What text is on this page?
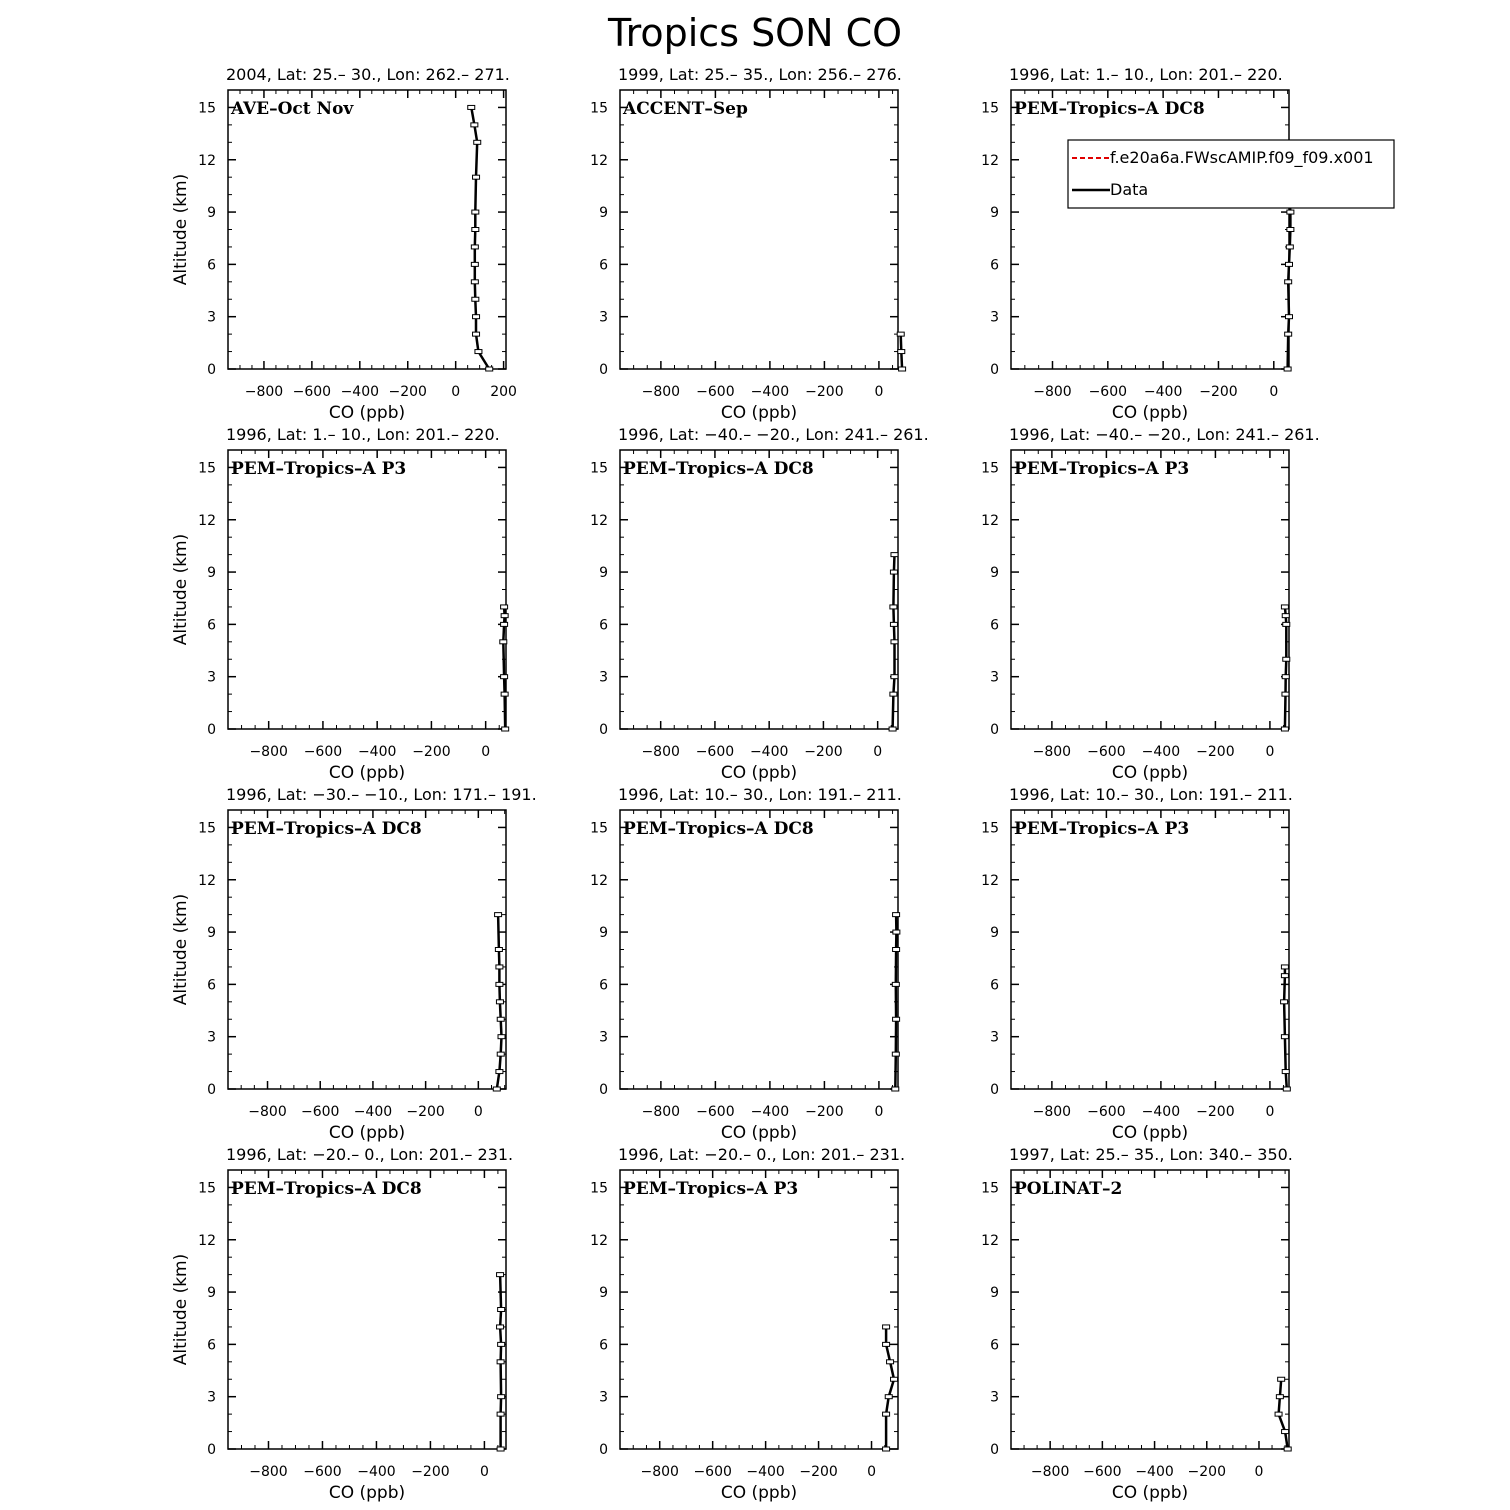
Tropics SON CO
2004, Lat: 25.– 30., Lon: 262.– 271.
−800 −600 −400 −200 0 200
0
3
6
9
12
15
CO (ppb)
Altitude (km)
AVE–Oct Nov
1999, Lat: 25.– 35., Lon: 256.– 276.
−800 −600 −400 −200 0
0
3
6
9
12
15
CO (ppb)
ACCENT–Sep
1996, Lat: 1.– 10., Lon: 201.– 220.
−800 −600 −400 −200 0
0
3
6
9
12
15
CO (ppb)
PEM–Tropics–A DC8
1996, Lat: 1.– 10., Lon: 201.– 220.
−800 −600 −400 −200 0
0
3
6
9
12
15
CO (ppb)
Altitude (km)
PEM–Tropics–A P3
1996, Lat: −40.– −20., Lon: 241.– 261.
−800 −600 −400 −200 0
0
3
6
9
12
15
CO (ppb)
PEM–Tropics–A DC8
1996, Lat: −40.– −20., Lon: 241.– 261.
−800 −600 −400 −200 0
0
3
6
9
12
15
CO (ppb)
PEM–Tropics–A P3
1996, Lat: −30.– −10., Lon: 171.– 191.
−800 −600 −400 −200 0
0
3
6
9
12
15
CO (ppb)
Altitude (km)
PEM–Tropics–A DC8
1996, Lat: 10.– 30., Lon: 191.– 211.
−800 −600 −400 −200 0
0
3
6
9
12
15
CO (ppb)
PEM–Tropics–A DC8
1996, Lat: 10.– 30., Lon: 191.– 211.
−800 −600 −400 −200 0
0
3
6
9
12
15
CO (ppb)
PEM–Tropics–A P3
1996, Lat: −20.– 0., Lon: 201.– 231.
−800 −600 −400 −200 0
0
3
6
9
12
15
CO (ppb)
Altitude (km)
PEM–Tropics–A DC8
1996, Lat: −20.– 0., Lon: 201.– 231.
−800 −600 −400 −200 0
0
3
6
9
12
15
CO (ppb)
PEM–Tropics–A P3
1997, Lat: 25.– 35., Lon: 340.– 350.
−800 −600 −400 −200 0
0
3
6
9
12
15
CO (ppb)
POLINAT–2
f.e20a6a.FWscAMIP.f09_f09.x001
Data
